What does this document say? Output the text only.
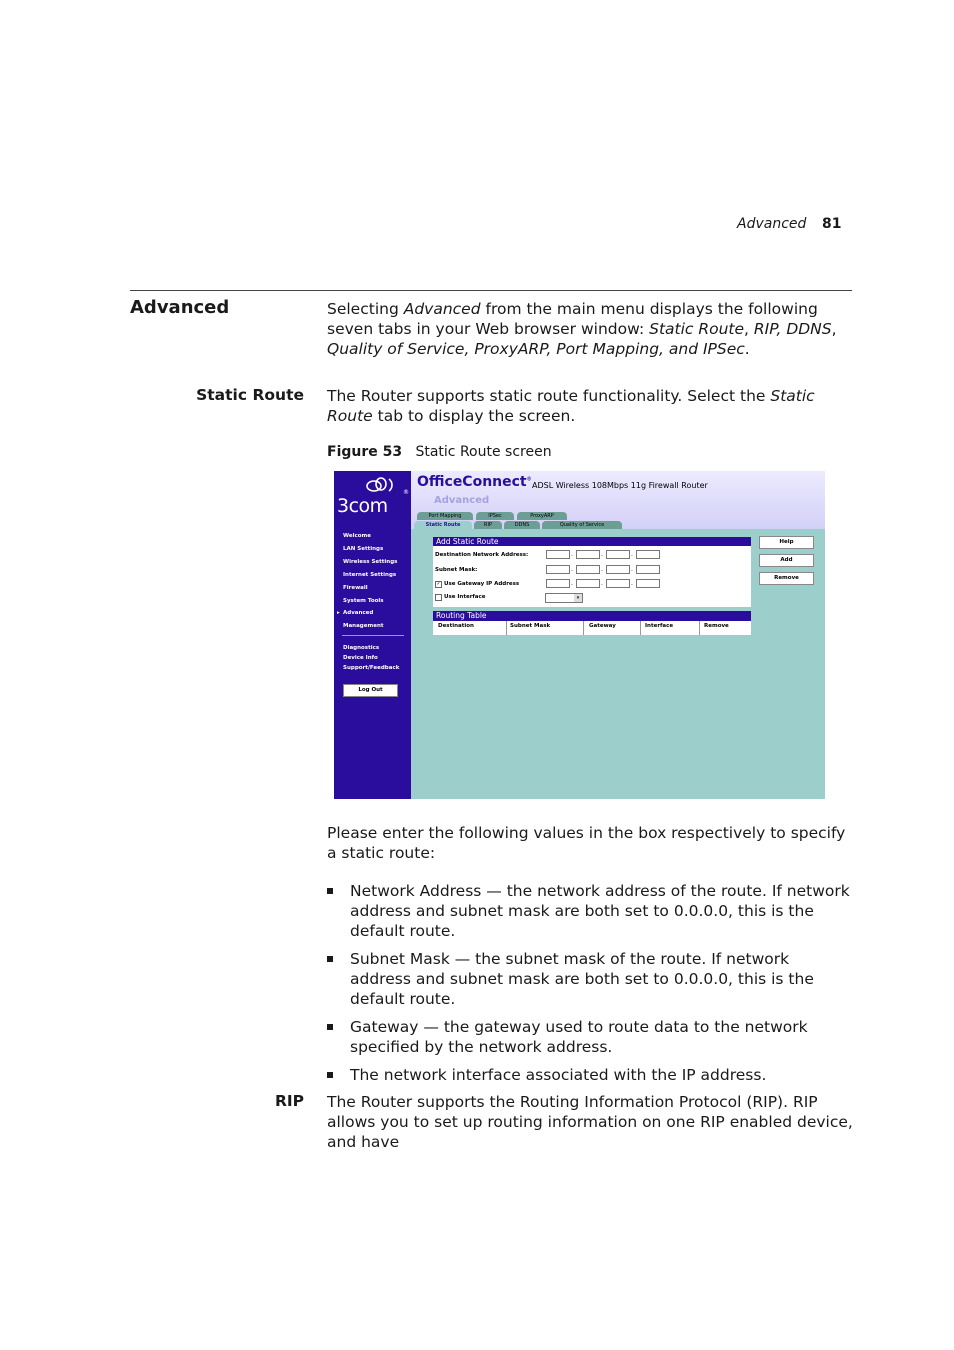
Advanced 81
Advanced	Selecting Advanced from the main menu displays the following seven tabs in your Web browser window: Static Route, RIP, DDNS, Quality of Service, ProxyARP, Port Mapping, and IPSec.
Static Route The Router supports static route functionality. Select the Static Route tab to display the screen.
Figure 53 Static Route screen
3com
®
Welcome
LAN Settings
Wireless Settings
Internet Settings
Firewall
System Tools
▸ Advanced
Management
Diagnostics
Device Info
Support/Feedback
Log Out
OfficeConnect®
ADSL Wireless 108Mbps 11g Firewall Router
Advanced
Port Mapping	IPSec	ProxyARP
Static Route	RIP	DDNS	Quality of Service
Add Static Route
Destination Network Address:	.	.	.
Subnet Mask:	.	.	.
✓ Use Gateway IP Address	.	.	.
Use Interface	▾
Routing Table
Destination	Subnet Mask	Gateway	Interface	Remove
Help
Add
Remove
Please enter the following values in the box respectively to specify a static route:
Network Address — the network address of the route. If network address and subnet mask are both set to 0.0.0.0, this is the default route.
Subnet Mask — the subnet mask of the route. If network address and subnet mask are both set to 0.0.0.0, this is the default route.
Gateway — the gateway used to route data to the network specified by the network address.
The network interface associated with the IP address.
RIP The Router supports the Routing Information Protocol (RIP). RIP allows you to set up routing information on one RIP enabled device, and have
